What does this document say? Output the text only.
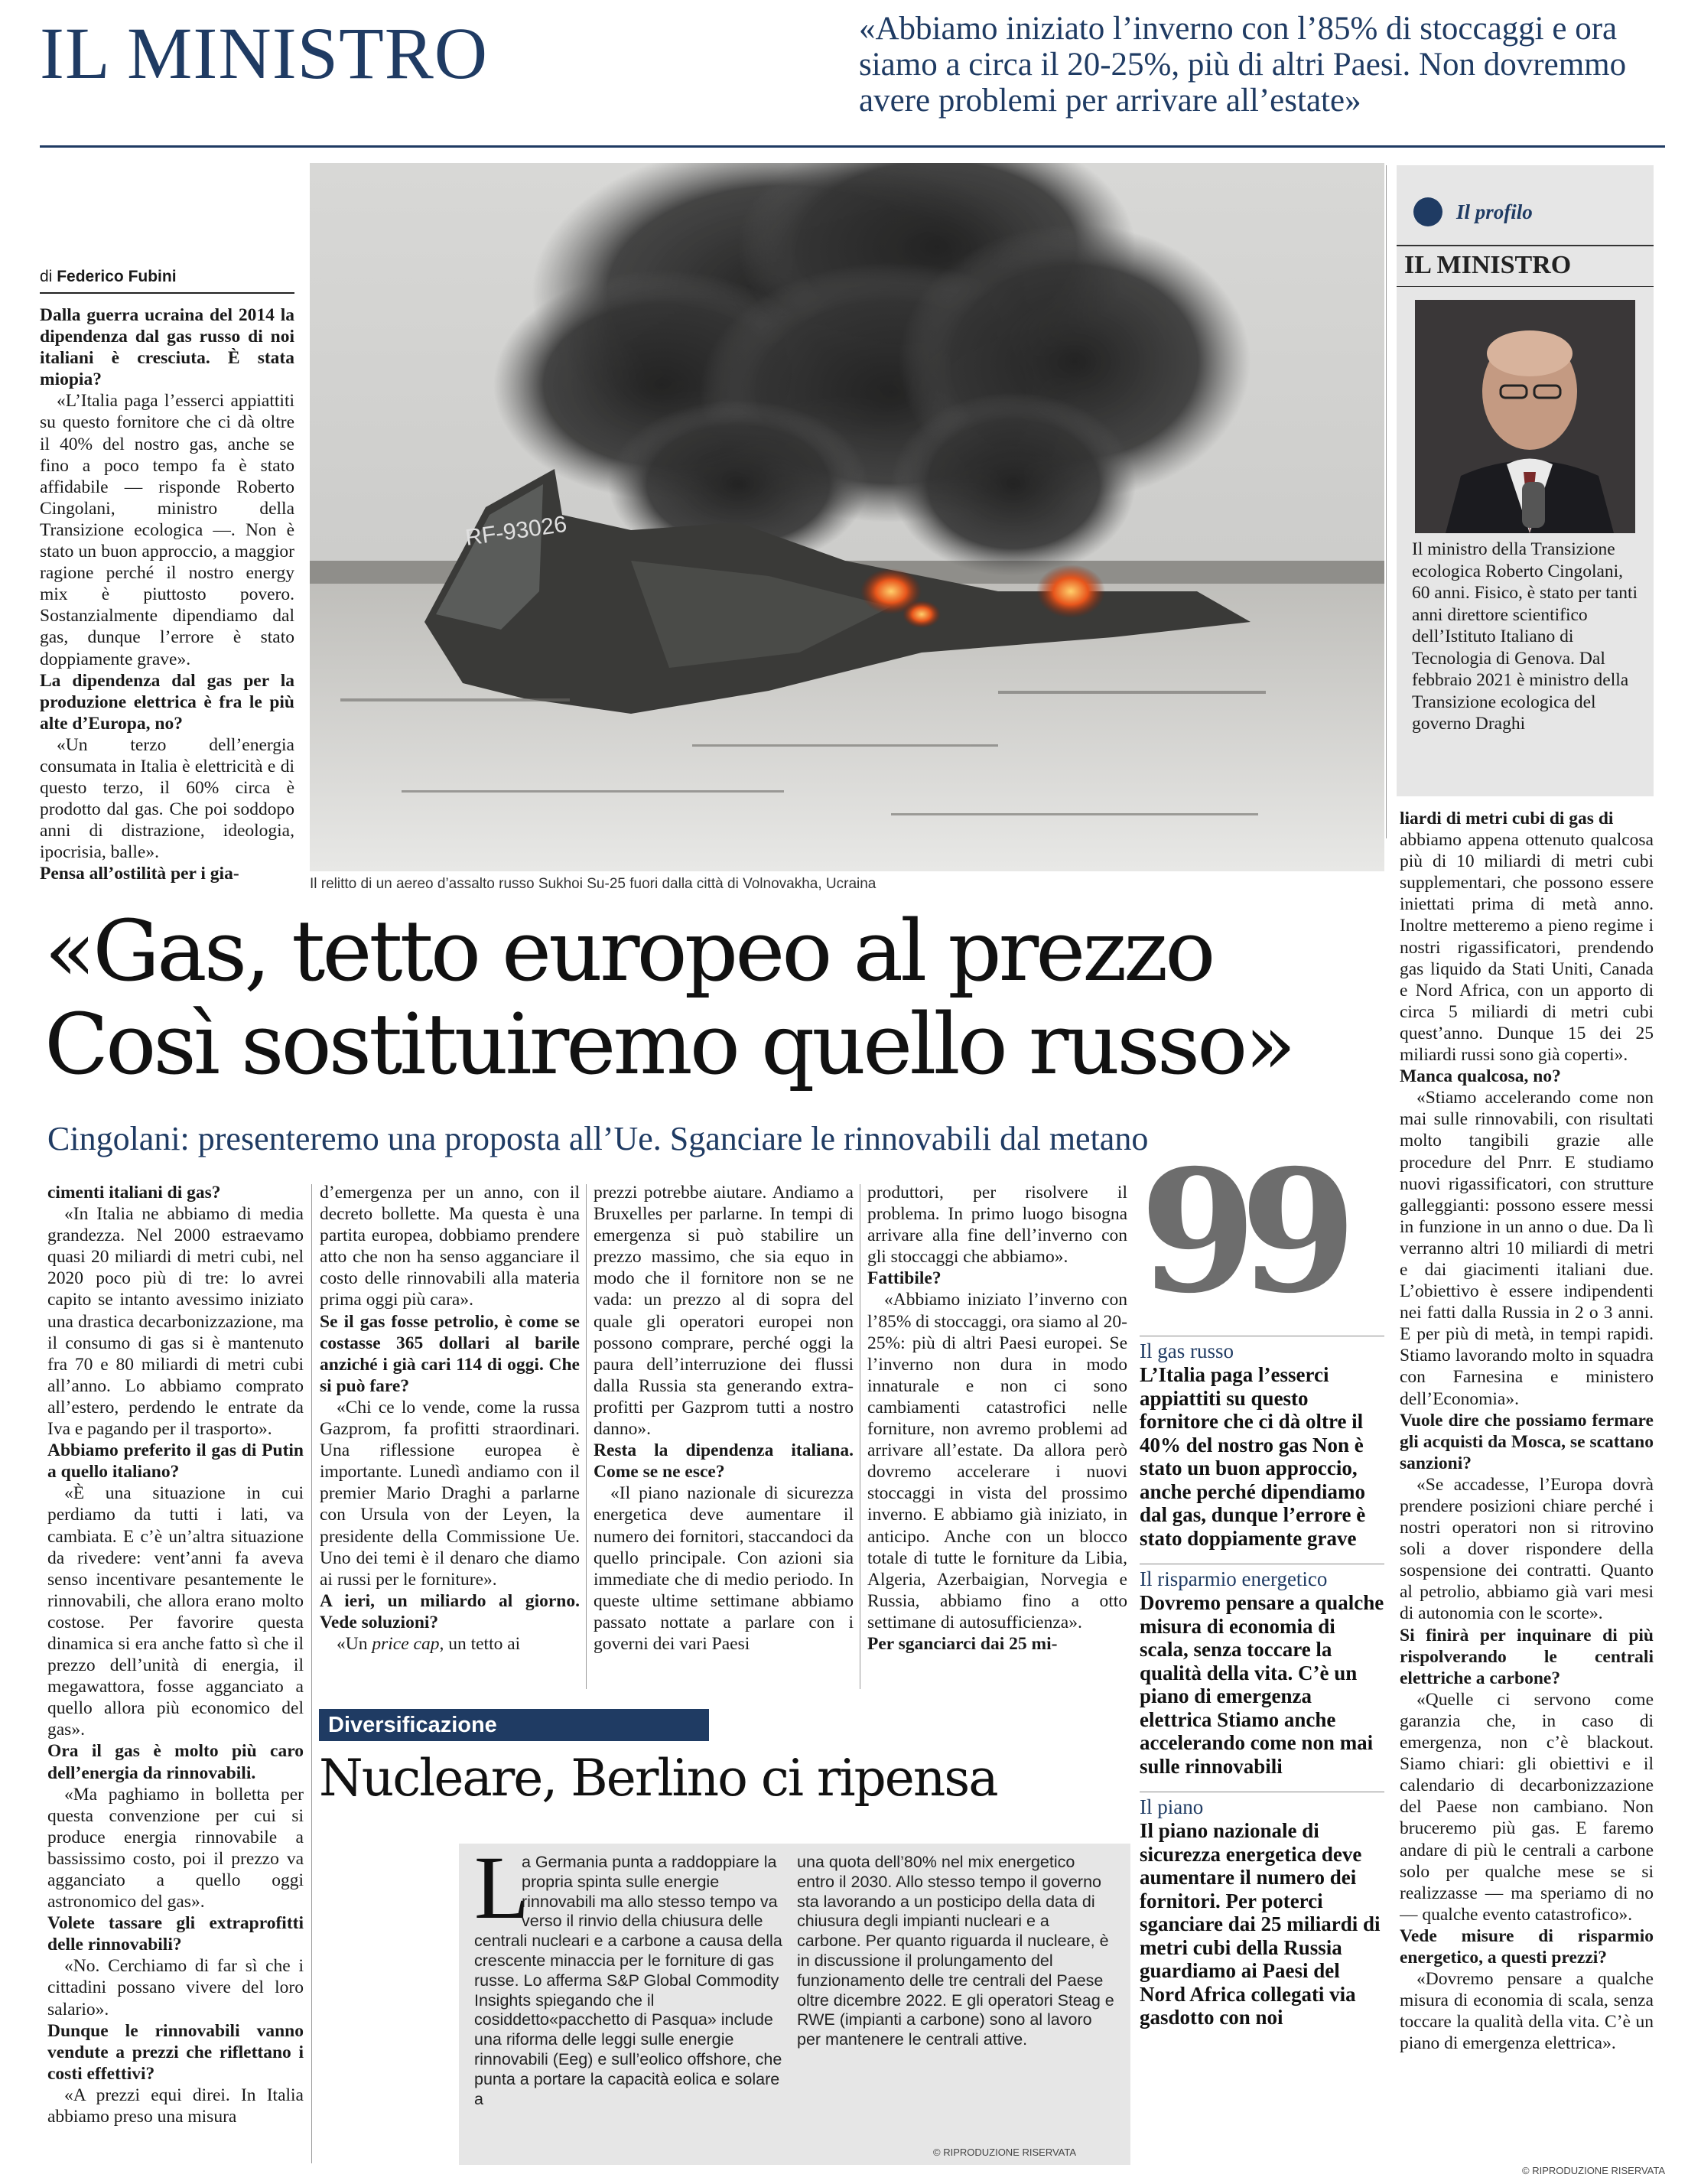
IL MINISTRO	«Abbiamo iniziato l’inverno con l’85% di stoccaggi e ora siamo a circa il 20-25%, più di altri Paesi. Non dovremmo avere problemi per arrivare all’estate»
di Federico Fubini

Dalla guerra ucraina del 2014 la dipendenza dal gas russo di noi italiani è cresciuta. È stata miopia?

«L’Italia paga l’esserci appiattiti su questo fornitore che ci dà oltre il 40% del nostro gas, anche se fino a poco tempo fa è stato affidabile — risponde Roberto Cingolani, ministro della Transizione ecologica —. Non è stato un buon approccio, a maggior ragione perché il nostro energy mix è piuttosto povero. Sostanzialmente dipendiamo dal gas, dunque l’errore è stato doppiamente grave».

La dipendenza dal gas per la produzione elettrica è fra le più alte d’Europa, no?

«Un terzo dell’energia consumata in Italia è elettricità e di questo terzo, il 60% circa è prodotto dal gas. Che poi soddopo anni di distrazione, ideologia, ipocrisia, balle».

Pensa all’ostilità per i gia-

RF-93026
Il relitto di un aereo d’assalto russo Sukhoi Su-25 fuori dalla città di Volnovakha, Ucraina
Il profilo
IL MINISTRO
Il ministro della Transizione ecologica Roberto Cingolani, 60 anni. Fisico, è stato per tanti anni direttore scientifico dell’Istituto Italiano di Tecnologia di Genova. Dal febbraio 2021 è ministro della Transizione ecologica del governo Draghi

liardi di metri cubi di gas di

abbiamo appena ottenuto qualcosa più di 10 miliardi di metri cubi supplementari, che possono essere iniettati prima di metà anno. Inoltre metteremo a pieno regime i nostri rigassificatori, prendendo gas liquido da Stati Uniti, Canada e Nord Africa, con un apporto di circa 5 miliardi di metri cubi quest’anno. Dunque 15 dei 25 miliardi russi sono già coperti».

Manca qualcosa, no?

«Stiamo accelerando come non mai sulle rinnovabili, con risultati molto tangibili grazie alle procedure del Pnrr. E studiamo nuovi rigassificatori, con strutture galleggianti: possono essere messi in funzione in un anno o due. Da lì verranno altri 10 miliardi di metri e dai giacimenti italiani due. L’obiettivo è essere indipendenti nei fatti dalla Russia in 2 o 3 anni. E per più di metà, in tempi rapidi. Stiamo lavorando molto in squadra con Farnesina e ministero dell’Economia».

Vuole dire che possiamo fermare gli acquisti da Mosca, se scattano sanzioni?

«Se accadesse, l’Europa dovrà prendere posizioni chiare perché i nostri operatori non si ritrovino soli a dover rispondere della sospensione dei contratti. Quanto al petrolio, abbiamo già vari mesi di autonomia con le scorte».

Si finirà per inquinare di più rispolverando le centrali elettriche a carbone?

«Quelle ci servono come garanzia che, in caso di emergenza, non c’è blackout. Siamo chiari: gli obiettivi e il calendario di decarbonizzazione del Paese non cambiano. Non bruceremo più gas. E faremo andare di più le centrali a carbone solo per qualche mese se si realizzasse — ma speriamo di no — qualche evento catastrofico».

Vede misure di risparmio energetico, a questi prezzi?

«Dovremo pensare a qualche misura di economia di scala, senza toccare la qualità della vita. C’è un piano di emergenza elettrica».

© RIPRODUZIONE RISERVATA
«Gas, tetto europeo al prezzo
Così sostituiremo quello russo»
Cingolani: presenteremo una proposta all’Ue. Sganciare le rinnovabili dal metano

cimenti italiani di gas?

«In Italia ne abbiamo di media grandezza. Nel 2000 estraevamo quasi 20 miliardi di metri cubi, nel 2020 poco più di tre: lo avrei capito se intanto avessimo iniziato una drastica decarbonizzazione, ma il consumo di gas si è mantenuto fra 70 e 80 miliardi di metri cubi all’anno. Lo abbiamo comprato all’estero, perdendo le entrate da Iva e pagando per il trasporto».

Abbiamo preferito il gas di Putin a quello italiano?

«È una situazione in cui perdiamo da tutti i lati, va cambiata. E c’è un’altra situazione da rivedere: vent’anni fa aveva senso incentivare pesantemente le rinnovabili, che allora erano molto costose. Per favorire questa dinamica si era anche fatto sì che il prezzo dell’unità di energia, il megawattora, fosse agganciato a quello allora più economico del gas».

Ora il gas è molto più caro dell’energia da rinnovabili.

«Ma paghiamo in bolletta per questa convenzione per cui si produce energia rinnovabile a bassissimo costo, poi il prezzo va agganciato a quello oggi astronomico del gas».

Volete tassare gli extraprofitti delle rinnovabili?

«No. Cerchiamo di far sì che i cittadini possano vivere del loro salario».

Dunque le rinnovabili vanno vendute a prezzi che riflettano i costi effettivi?

«A prezzi equi direi. In Italia abbiamo preso una misura

d’emergenza per un anno, con il decreto bollette. Ma questa è una partita europea, dobbiamo prendere atto che non ha senso agganciare il costo delle rinnovabili alla materia prima oggi più cara».

Se il gas fosse petrolio, è come se costasse 365 dollari al barile anziché i già cari 114 di oggi. Che si può fare?

«Chi ce lo vende, come la russa Gazprom, fa profitti straordinari. Una riflessione europea è importante. Lunedì andiamo con il premier Mario Draghi a parlarne con Ursula von der Leyen, la presidente della Commissione Ue. Uno dei temi è il denaro che diamo ai russi per le forniture».

A ieri, un miliardo al giorno. Vede soluzioni?

«Un price cap, un tetto ai

prezzi potrebbe aiutare. Andiamo a Bruxelles per parlarne. In tempi di emergenza si può stabilire un prezzo massimo, che sia equo in modo che il fornitore non se ne vada: un prezzo al di sopra del quale gli operatori europei non possono comprare, perché oggi la paura dell’interruzione dei flussi dalla Russia sta generando extra-profitti per Gazprom tutti a nostro danno».

Resta la dipendenza italiana. Come se ne esce?

«Il piano nazionale di sicurezza energetica deve aumentare il numero dei fornitori, staccandoci da quello principale. Con azioni sia immediate che di medio periodo. In queste ultime settimane abbiamo passato nottate a parlare con i governi dei vari Paesi

produttori, per risolvere il problema. In primo luogo bisogna arrivare alla fine dell’inverno con gli stoccaggi che abbiamo».

Fattibile?

«Abbiamo iniziato l’inverno con l’85% di stoccaggi, ora siamo al 20-25%: più di altri Paesi europei. Se l’inverno non dura in modo innaturale e non ci sono cambiamenti catastrofici nelle forniture, non avremo problemi ad arrivare all’estate. Da allora però dovremo accelerare i nuovi stoccaggi in vista del prossimo inverno. E abbiamo già iniziato, in anticipo. Anche con un blocco totale di tutte le forniture da Libia, Algeria, Azerbaigian, Norvegia e Russia, abbiamo fino a otto settimane di autosufficienza».

Per sganciarci dai 25 mi-

99
Il gas russo
L’Italia paga l’esserci appiattiti su questo fornitore che ci dà oltre il 40% del nostro gas Non è stato un buon approccio, anche perché dipendiamo dal gas, dunque l’errore è stato doppiamente grave
Il risparmio energetico
Dovremo pensare a qualche misura di economia di scala, senza toccare la qualità della vita. C’è un piano di emergenza elettrica Stiamo anche accelerando come non mai sulle rinnovabili
Il piano
Il piano nazionale di sicurezza energetica deve aumentare il numero dei fornitori. Per poterci sganciare dai 25 miliardi di metri cubi della Russia guardiamo ai Paesi del Nord Africa collegati via gasdotto con noi
Diversificazione
Nucleare, Berlino ci ripensa
L
a Germania punta a raddoppiare la propria spinta sulle energie rinnovabili ma allo stesso tempo va verso il rinvio della chiusura delle centrali nucleari e a carbone a causa della crescente minaccia per le forniture di gas russe. Lo afferma S&P Global Commodity Insights spiegando che il cosiddetto«pacchetto di Pasqua» include una riforma delle leggi sulle energie rinnovabili (Eeg) e sull’eolico offshore, che punta a portare la capacità eolica e solare a
una quota dell’80% nel mix energetico entro il 2030. Allo stesso tempo il governo sta lavorando a un posticipo della data di chiusura degli impianti nucleari e a carbone. Per quanto riguarda il nucleare, è in discussione il prolungamento del funzionamento delle tre centrali del Paese oltre dicembre 2022. E gli operatori Steag e RWE (impianti a carbone) sono al lavoro per mantenere le centrali attive.
© RIPRODUZIONE RISERVATA
